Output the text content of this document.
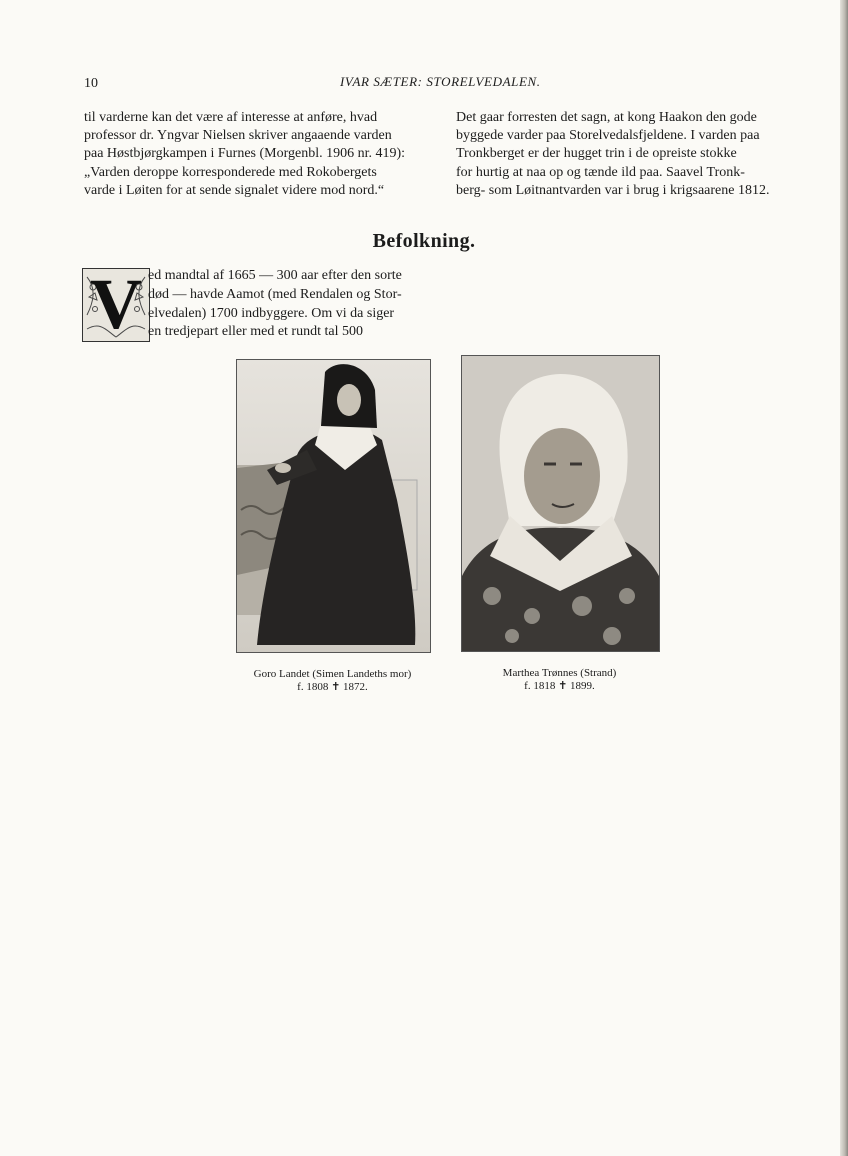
10	IVAR SÆTER: STORELVEDALEN.

til varderne kan det være af interesse at anføre, hvad

professor dr. Yngvar Nielsen skriver angaaende varden

paa Høstbjørgkampen i Furnes (Morgenbl. 1906 nr. 419):

„Varden deroppe korresponderede med Rokobergets

varde i Løiten for at sende signalet videre mod nord.“

Det gaar forresten det sagn, at kong Haakon den gode

byggede varder paa Storelvedalsfjeldene. I varden paa

Tronkberget er der hugget trin i de opreiste stokke

for hurtig at naa op og tænde ild paa. Saavel Tronk-

berg- som Løitnantvarden var i brug i krigsaarene 1812.

Befolkning.
V ed mandtal af 1665 — 300 aar efter den sorte

død — havde Aamot (med Rendalen og Stor-

elvedalen) 1700 indbyggere. Om vi da siger

en tredjepart eller med et rundt tal 500

Goro Landet (Simen Landeths mor)
f. 1808 ✝ 1872.
Marthea Trønnes (Strand)
f. 1818 ✝ 1899.
